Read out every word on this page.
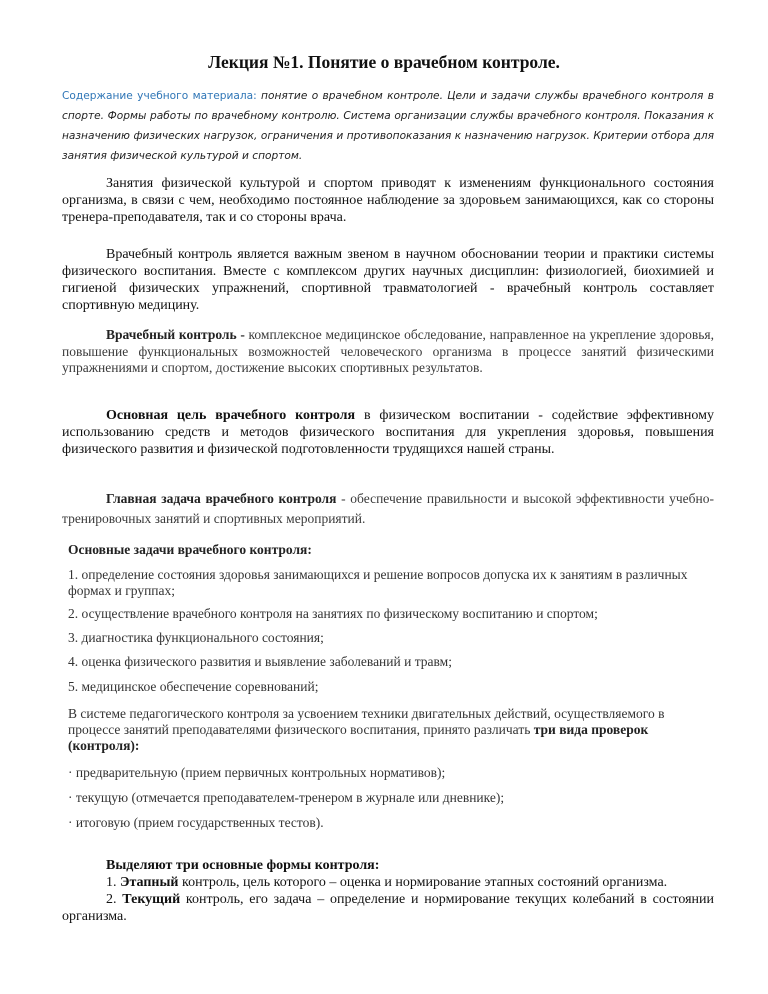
Лекция №1. Понятие о врачебном контроле.
Содержание учебного материала: понятие о врачебном контроле. Цели и задачи службы врачебного контроля в спорте. Формы работы по врачебному контролю. Система организации службы врачебного контроля. Показания к назначению физических нагрузок, ограничения и противопоказания к назначению нагрузок. Критерии отбора для занятия физической культурой и спортом.
Занятия физической культурой и спортом приводят к изменениям функционального состояния организма, в связи с чем, необходимо постоянное наблюдение за здоровьем занимающихся, как со стороны тренера-преподавателя, так и со стороны врача.
Врачебный контроль является важным звеном в научном обосновании теории и практики системы физического воспитания. Вместе с комплексом других научных дисциплин: физиологией, биохимией и гигиеной физических упражнений, спортивной травматологией - врачебный контроль составляет спортивную медицину.
Врачебный контроль - комплексное медицинское обследование, направленное на укрепление здоровья, повышение функциональных возможностей человеческого организма в процессе занятий физическими упражнениями и спортом, достижение высоких спортивных результатов.
Основная цель врачебного контроля в физическом воспитании - содействие эффективному использованию средств и методов физического воспитания для укрепления здоровья, повышения физического развития и физической подготовленности трудящихся нашей страны.
Главная задача врачебного контроля - обеспечение правильности и высокой эффективности учебно-тренировочных занятий и спортивных мероприятий.
Основные задачи врачебного контроля:
1. определение состояния здоровья занимающихся и решение вопросов допуска их к занятиям в различных формах и группах;
2. осуществление врачебного контроля на занятиях по физическому воспитанию и спортом;
3. диагностика функционального состояния;
4. оценка физического развития и выявление заболеваний и травм;
5. медицинское обеспечение соревнований;
В системе педагогического контроля за усвоением техники двигательных действий, осуществляемого в процессе занятий преподавателями физического воспитания, принято различать три вида проверок (контроля):
· предварительную (прием первичных контрольных нормативов);
· текущую (отмечается преподавателем-тренером в журнале или дневнике);
· итоговую (прием государственных тестов).
Выделяют три основные формы контроля:
1. Этапный контроль, цель которого – оценка и нормирование этапных состояний организма.
2. Текущий контроль, его задача – определение и нормирование текущих колебаний в состоянии организма.
